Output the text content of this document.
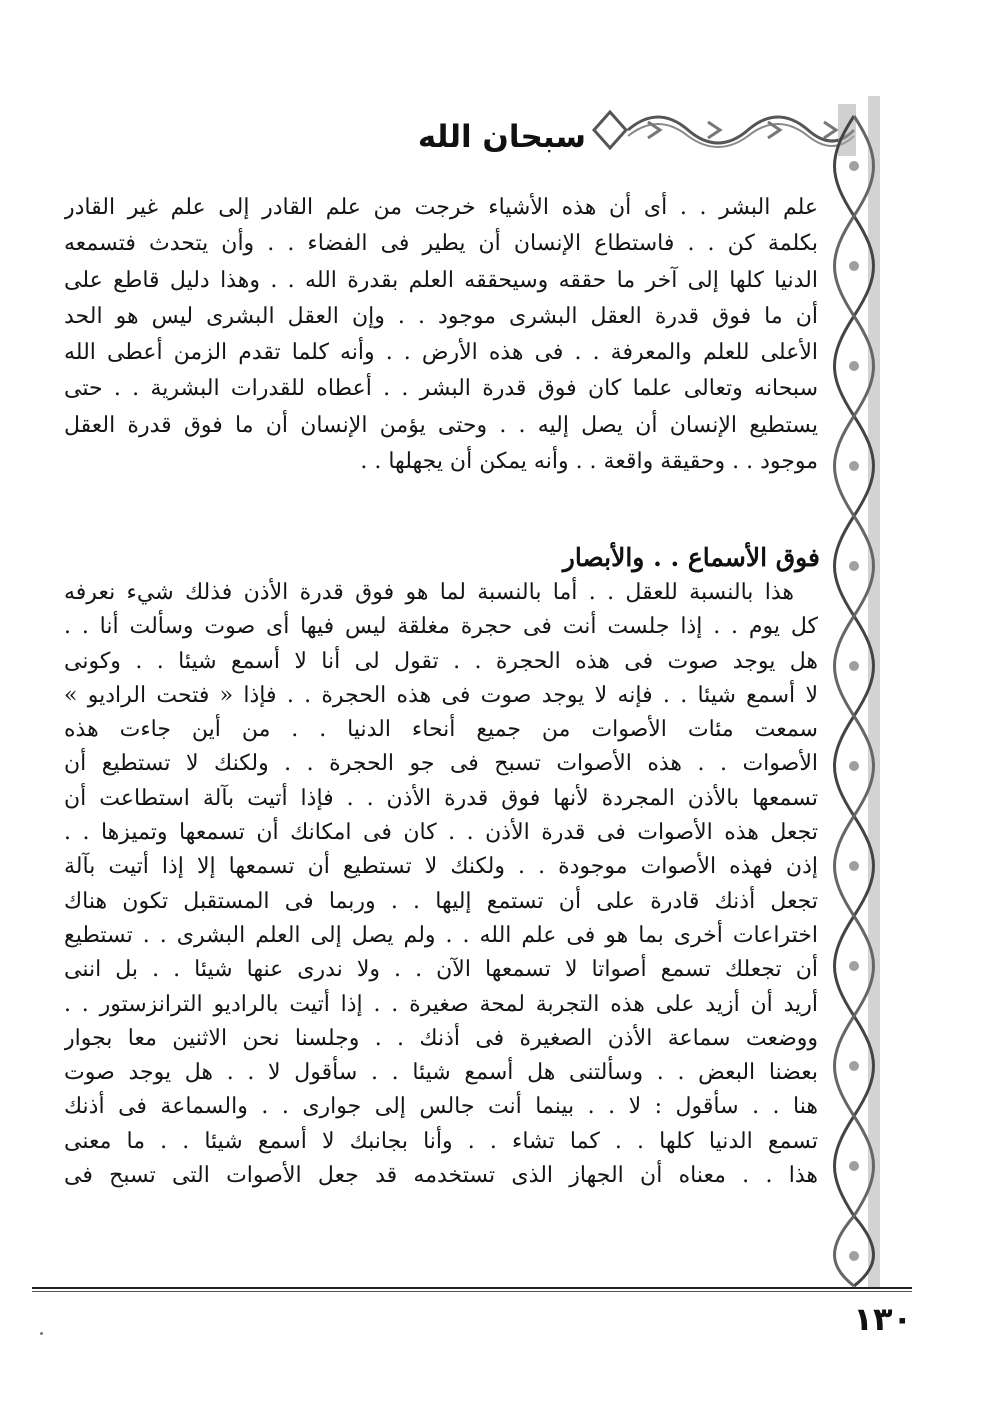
سبحان الله
علم البشر . . أى أن هذه الأشياء خرجت من علم القادر إلى علم غير القادر
بكلمة كن . . فاستطاع الإنسان أن يطير فى الفضاء . . وأن يتحدث فتسمعه
الدنيا كلها إلى آخر ما حققه وسيحققه العلم بقدرة الله . . وهذا دليل قاطع على
أن ما فوق قدرة العقل البشرى موجود . . وإن العقل البشرى ليس هو الحد
الأعلى للعلم والمعرفة . . فى هذه الأرض . . وأنه كلما تقدم الزمن أعطى الله
سبحانه وتعالى علما كان فوق قدرة البشر . . أعطاه للقدرات البشرية . . حتى
يستطيع الإنسان أن يصل إليه . . وحتى يؤمن الإنسان أن ما فوق قدرة العقل
موجود . . وحقيقة واقعة . . وأنه يمكن أن يجهلها . .
فوق الأسماع . . والأبصار
هذا بالنسبة للعقل . . أما بالنسبة لما هو فوق قدرة الأذن فذلك شيء نعرفه
كل يوم . . إذا جلست أنت فى حجرة مغلقة ليس فيها أى صوت وسألت أنا . .
هل يوجد صوت فى هذه الحجرة . . تقول لى أنا لا أسمع شيئا . . وكونى
لا أسمع شيئا . . فإنه لا يوجد صوت فى هذه الحجرة . . فإذا « فتحت الراديو »
سمعت مئات الأصوات من جميع أنحاء الدنيا . . من أين جاءت هذه
الأصوات . . هذه الأصوات تسبح فى جو الحجرة . . ولكنك لا تستطيع أن
تسمعها بالأذن المجردة لأنها فوق قدرة الأذن . . فإذا أتيت بآلة استطاعت أن
تجعل هذه الأصوات فى قدرة الأذن . . كان فى امكانك أن تسمعها وتميزها . .
إذن فهذه الأصوات موجودة . . ولكنك لا تستطيع أن تسمعها إلا إذا أتيت بآلة
تجعل أذنك قادرة على أن تستمع إليها . . وربما فى المستقبل تكون هناك
اختراعات أخرى بما هو فى علم الله . . ولم يصل إلى العلم البشرى . . تستطيع
أن تجعلك تسمع أصواتا لا تسمعها الآن . . ولا ندرى عنها شيئا . . بل اننى
أريد أن أزيد على هذه التجربة لمحة صغيرة . . إذا أتيت بالراديو الترانزستور . .
ووضعت سماعة الأذن الصغيرة فى أذنك . . وجلسنا نحن الاثنين معا بجوار
بعضنا البعض . . وسألتنى هل أسمع شيئا . . سأقول لا . . هل يوجد صوت
هنا . . سأقول : لا . . بينما أنت جالس إلى جوارى . . والسماعة فى أذنك
تسمع الدنيا كلها . . كما تشاء . . وأنا بجانبك لا أسمع شيئا . . ما معنى
هذا . . معناه أن الجهاز الذى تستخدمه قد جعل الأصوات التى تسبح فى
١٣٠
